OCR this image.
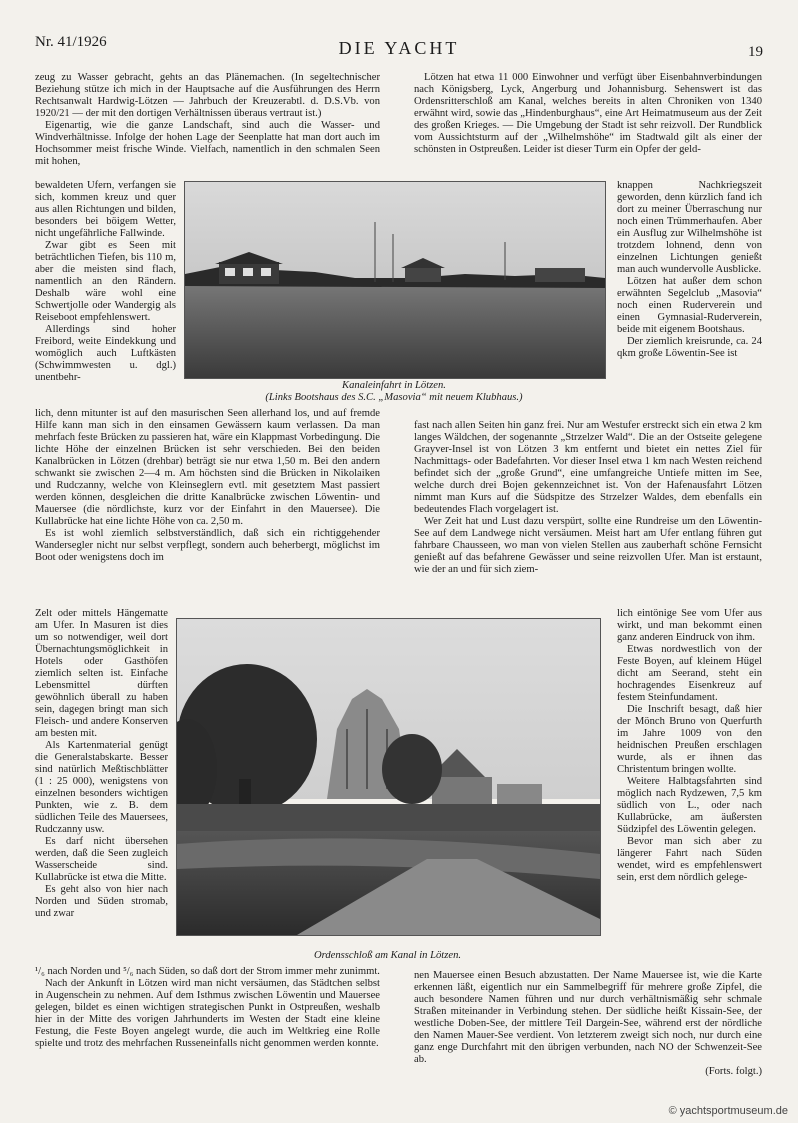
Nr. 41/1926	DIE YACHT	19
Kanaleinfahrt in Lötzen.
(Links Bootshaus des S.C. „Masovia“ mit neuem Klubhaus.)
Ordensschloß am Kanal in Lötzen.

zeug zu Wasser gebracht, gehts an das Plänemachen. (In segeltechnischer Beziehung stütze ich mich in der Hauptsache auf die Ausführungen des Herrn Rechtsanwalt Hardwig-Lötzen — Jahrbuch der Kreuzerabtl. d. D.S.Vb. von 1920/21 — der mit den dortigen Verhältnissen überaus vertraut ist.)

Eigenartig, wie die ganze Landschaft, sind auch die Wasser- und Windverhältnisse. Infolge der hohen Lage der Seenplatte hat man dort auch im Hochsommer meist frische Winde. Vielfach, namentlich in den schmalen Seen mit hohen,

Lötzen hat etwa 11 000 Einwohner und verfügt über Eisenbahnverbindungen nach Königsberg, Lyck, Angerburg und Johannisburg. Sehenswert ist das Ordensritterschloß am Kanal, welches bereits in alten Chroniken von 1340 erwähnt wird, sowie das „Hindenburghaus“, eine Art Heimatmuseum aus der Zeit des großen Krieges. — Die Umgebung der Stadt ist sehr reizvoll. Der Rundblick vom Aussichtsturm auf der „Wilhelmshöhe“ im Stadtwald gilt als einer der schönsten in Ostpreußen. Leider ist dieser Turm ein Opfer der geld-

bewaldeten Ufern, verfangen sie sich, kommen kreuz und quer aus allen Richtungen und bilden, besonders bei böigem Wetter, nicht ungefährliche Fallwinde.

Zwar gibt es Seen mit beträchtlichen Tiefen, bis 110 m, aber die meisten sind flach, namentlich an den Rändern. Deshalb wäre wohl eine Schwertjolle oder Wandergig als Reiseboot empfehlenswert.

Allerdings sind hoher Freibord, weite Eindekkung und womöglich auch Luftkästen (Schwimmwesten u. dgl.) unentbehr-

knappen Nachkriegszeit geworden, denn kürzlich fand ich dort zu meiner Überraschung nur noch einen Trümmerhaufen. Aber ein Ausflug zur Wilhelmshöhe ist trotzdem lohnend, denn von einzelnen Lichtungen genießt man auch wundervolle Ausblicke.

Lötzen hat außer dem schon erwähnten Segelclub „Masovia“ noch einen Ruderverein und einen Gymnasial-Ruderverein, beide mit eigenem Bootshaus.

Der ziemlich kreisrunde, ca. 24 qkm große Löwentin-See ist

lich, denn mitunter ist auf den masurischen Seen allerhand los, und auf fremde Hilfe kann man sich in den einsamen Gewässern kaum verlassen. Da man mehrfach feste Brücken zu passieren hat, wäre ein Klappmast Vorbedingung. Die lichte Höhe der einzelnen Brücken ist sehr verschieden. Bei den beiden Kanalbrücken in Lötzen (drehbar) beträgt sie nur etwa 1,50 m. Bei den andern schwankt sie zwischen 2—4 m. Am höchsten sind die Brücken in Nikolaiken und Rudczanny, welche von Kleinseglern evtl. mit gesetztem Mast passiert werden können, desgleichen die dritte Kanalbrücke zwischen Löwentin- und Mauersee (die nördlichste, kurz vor der Einfahrt in den Mauersee). Die Kullabrücke hat eine lichte Höhe von ca. 2,50 m.

Es ist wohl ziemlich selbstverständlich, daß sich ein richtiggehender Wandersegler nicht nur selbst verpflegt, sondern auch beherbergt, möglichst im Boot oder wenigstens doch im

fast nach allen Seiten hin ganz frei. Nur am Westufer erstreckt sich ein etwa 2 km langes Wäldchen, der sogenannte „Strzelzer Wald“. Die an der Ostseite gelegene Grayver-Insel ist von Lötzen 3 km entfernt und bietet ein nettes Ziel für Nachmittags- oder Badefahrten. Vor dieser Insel etwa 1 km nach Westen reichend befindet sich der „große Grund“, eine umfangreiche Untiefe mitten im See, welche durch drei Bojen gekennzeichnet ist. Von der Hafenausfahrt Lötzen nimmt man Kurs auf die Südspitze des Strzelzer Waldes, dem ebenfalls ein bedeutendes Flach vorgelagert ist.

Wer Zeit hat und Lust dazu verspürt, sollte eine Rundreise um den Löwentin-See auf dem Landwege nicht versäumen. Meist hart am Ufer entlang führen gut fahrbare Chausseen, wo man von vielen Stellen aus zauberhaft schöne Fernsicht genießt auf das befahrene Gewässer und seine reizvollen Ufer. Man ist erstaunt, wie der an und für sich ziem-

Zelt oder mittels Hängematte am Ufer. In Masuren ist dies um so notwendiger, weil dort Übernachtungsmöglichkeit in Hotels oder Gasthöfen ziemlich selten ist. Einfache Lebensmittel dürften gewöhnlich überall zu haben sein, dagegen bringt man sich Fleisch- und andere Konserven am besten mit.

Als Kartenmaterial genügt die Generalstabskarte. Besser sind natürlich Meßtischblätter (1 : 25 000), wenigstens von einzelnen besonders wichtigen Punkten, wie z. B. dem südlichen Teile des Mauersees, Rudczanny usw.

Es darf nicht übersehen werden, daß die Seen zugleich Wasserscheide sind. Kullabrücke ist etwa die Mitte.

Es geht also von hier nach Norden und Süden stromab, und zwar

lich eintönige See vom Ufer aus wirkt, und man bekommt einen ganz anderen Eindruck von ihm.

Etwas nordwestlich von der Feste Boyen, auf kleinem Hügel dicht am Seerand, steht ein hochragendes Eisenkreuz auf festem Steinfundament.

Die Inschrift besagt, daß hier der Mönch Bruno von Querfurth im Jahre 1009 von den heidnischen Preußen erschlagen wurde, als er ihnen das Christentum bringen wollte.

Weitere Halbtagsfahrten sind möglich nach Rydzewen, 7,5 km südlich von L., oder nach Kullabrücke, am äußersten Südzipfel des Löwentin gelegen.

Bevor man sich aber zu längerer Fahrt nach Süden wendet, wird es empfehlenswert sein, erst dem nördlich gelege-

¹/₆ nach Norden und ⁵/₆ nach Süden, so daß dort der Strom immer mehr zunimmt.

Nach der Ankunft in Lötzen wird man nicht versäumen, das Städtchen selbst in Augenschein zu nehmen. Auf dem Isthmus zwischen Löwentin und Mauersee gelegen, bildet es einen wichtigen strategischen Punkt in Ostpreußen, weshalb hier in der Mitte des vorigen Jahrhunderts im Westen der Stadt eine kleine Festung, die Feste Boyen angelegt wurde, die auch im Weltkrieg eine Rolle spielte und trotz des mehrfachen Russeneinfalls nicht genommen werden konnte.

nen Mauersee einen Besuch abzustatten. Der Name Mauersee ist, wie die Karte erkennen läßt, eigentlich nur ein Sammelbegriff für mehrere große Zipfel, die auch besondere Namen führen und nur durch verhältnismäßig sehr schmale Straßen miteinander in Verbindung stehen. Der südliche heißt Kissain-See, der westliche Doben-See, der mittlere Teil Dargein-See, während erst der nördliche den Namen Mauer-See verdient. Von letzterem zweigt sich noch, nur durch eine ganz enge Durchfahrt mit den übrigen verbunden, nach NO der Schwenzeit-See ab.

(Forts. folgt.)

© yachtsportmuseum.de
